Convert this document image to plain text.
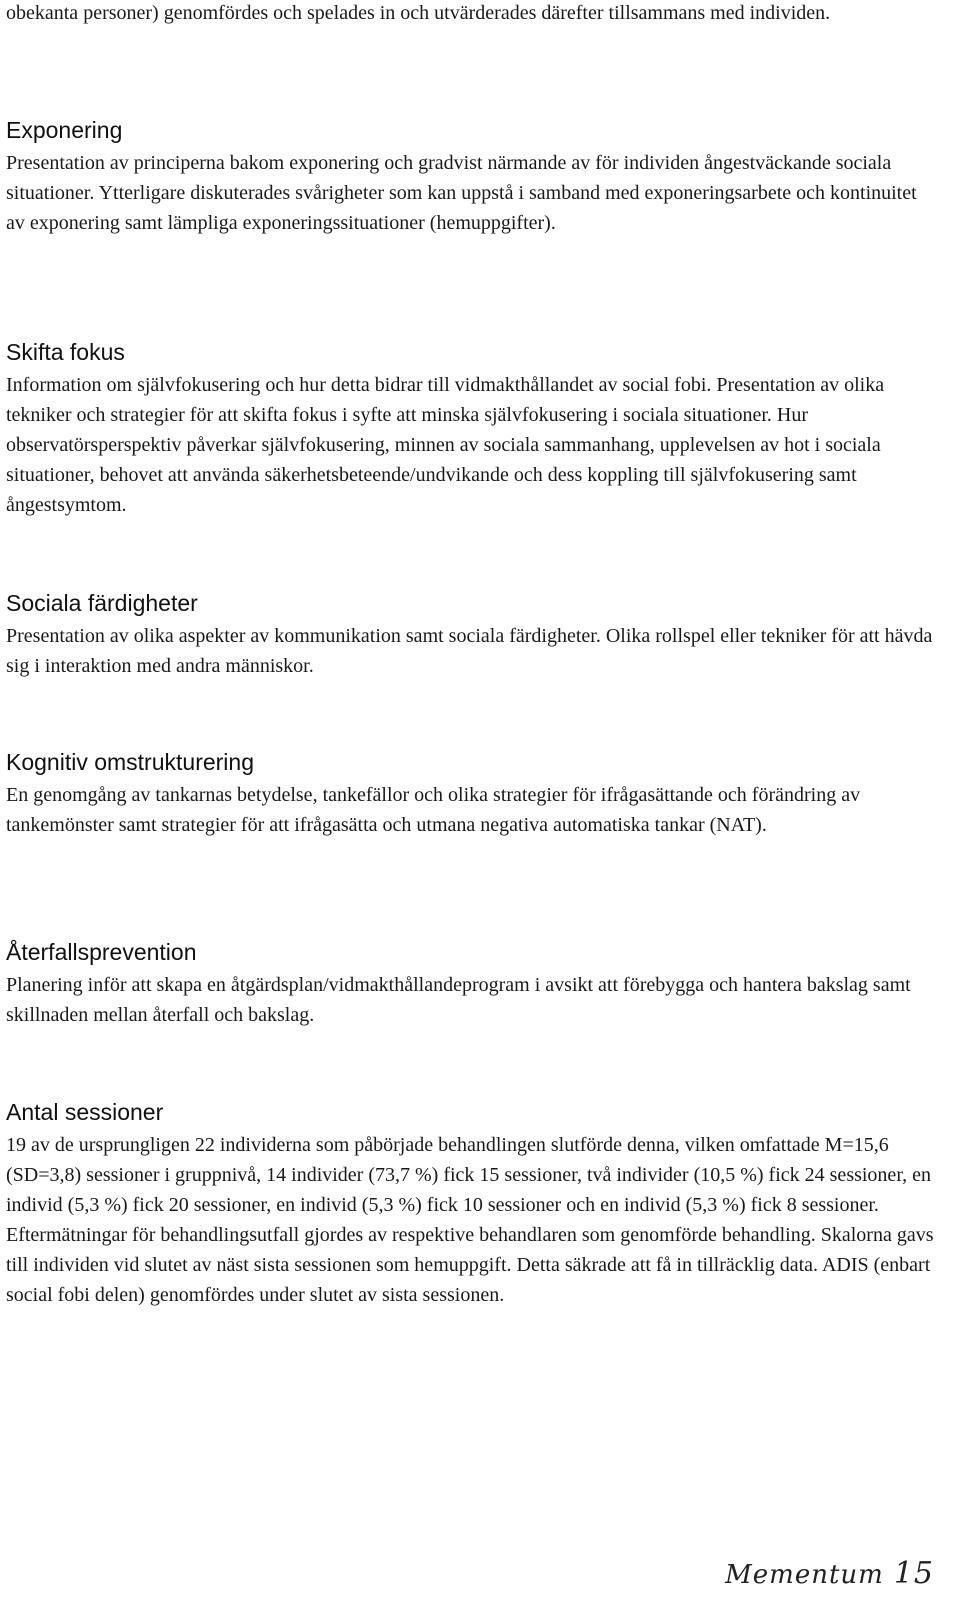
obekanta personer) genomfördes och spelades in och utvärderades därefter tillsammans med individen.

Exponering

Presentation av principerna bakom exponering och gradvist närmande av för individen ångestväckande sociala situationer. Ytterligare diskuterades svårigheter som kan uppstå i samband med exponeringsarbete och kontinuitet av exponering samt lämpliga exponeringssituationer (hemuppgifter).

Skifta fokus

Information om självfokusering och hur detta bidrar till vidmakthållandet av social fobi. Presentation av olika tekniker och strategier för att skifta fokus i syfte att minska självfokusering i sociala situationer. Hur observatörsperspektiv påverkar självfokusering, minnen av sociala sammanhang, upplevelsen av hot i sociala situationer, behovet att använda säkerhetsbeteende/undvikande och dess koppling till självfokusering samt ångestsymtom.

Sociala färdigheter

Presentation av olika aspekter av kommunikation samt sociala färdigheter. Olika rollspel eller tekniker för att hävda sig i interaktion med andra människor.

Kognitiv omstrukturering

En genomgång av tankarnas betydelse, tankefällor och olika strategier för ifrågasättande och förändring av tankemönster samt strategier för att ifrågasätta och utmana negativa automatiska tankar (NAT).

Återfallsprevention

Planering inför att skapa en åtgärdsplan/vidmakthållandeprogram i avsikt att förebygga och hantera bakslag samt skillnaden mellan återfall och bakslag.

Antal sessioner

19 av de ursprungligen 22 individerna som påbörjade behandlingen slutförde denna, vilken omfattade M=15,6 (SD=3,8) sessioner i gruppnivå, 14 individer (73,7 %) fick 15 sessioner, två individer (10,5 %) fick 24 sessioner, en individ (5,3 %) fick 20 sessioner, en individ (5,3 %) fick 10 sessioner och en individ (5,3 %) fick 8 sessioner. Eftermätningar för behandlingsutfall gjordes av respektive behandlaren som genomförde behandling. Skalorna gavs till individen vid slutet av näst sista sessionen som hemuppgift. Detta säkrade att få in tillräcklig data. ADIS (enbart social fobi delen) genomfördes under slutet av sista sessionen.

Mementum 15
